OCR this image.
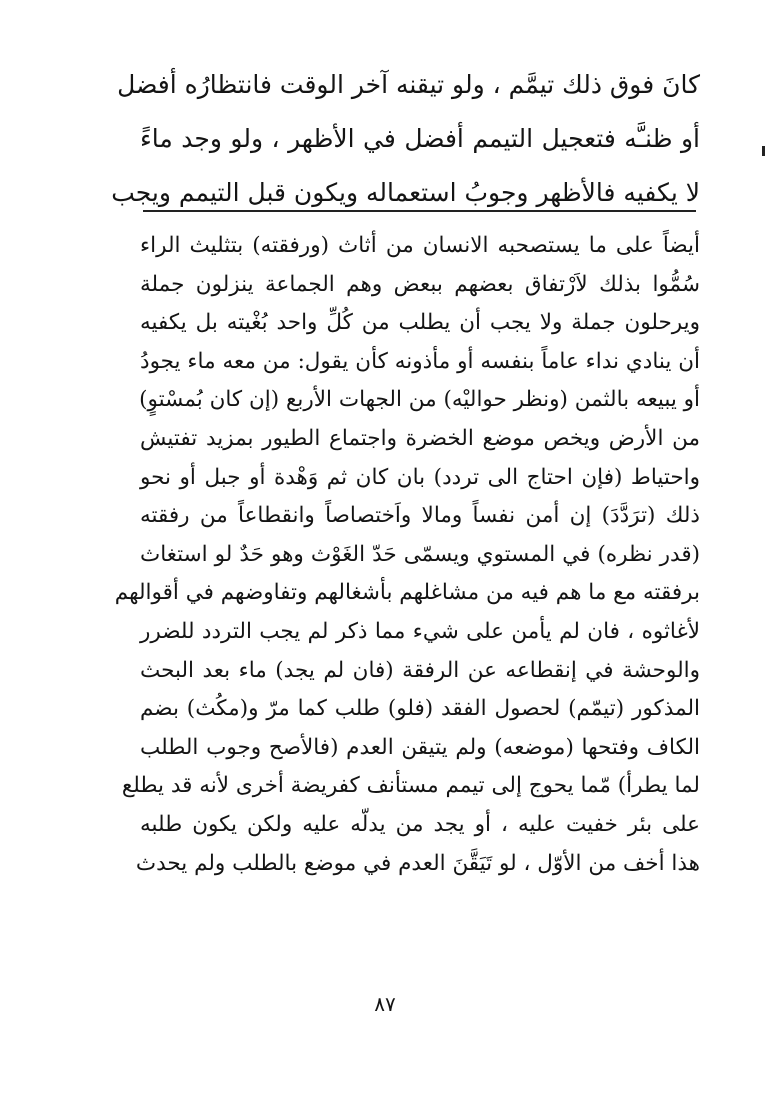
كانَ فوق ذلك تيمَّم ، ولو تيقنه آخر الوقت فانتظارُه أفضل
أو ظنـَّه فتعجيل التيمم أفضل في الأظهر ، ولو وجد ماءً
لا يكفيه فالأظهر وجوبُ استعماله ويكون قبل التيمم ويجب
أيضاً على ما يستصحبه الانسان من أثاث (ورفقته) بتثليث الراء
سُمُّوا بذلك لاَرْتفاق بعضهم ببعض وهم الجماعة ينزلون جملة
ويرحلون جملة ولا يجب أن يطلب من كُلِّ واحد بُغْيته بل يكفيه
أن ينادي نداء عاماً بنفسه أو مأذونه كأن يقول: من معه ماء يجودُ
أو يبيعه بالثمن (ونظر حواليْه) من الجهات الأربع (إن كان بُمسْتوٍ)
من الأرض ويخص موضع الخضرة واجتماع الطيور بمزيد تفتيش
واحتياط (فإن احتاج الى تردد) بان كان ثم وَهْدة أو جبل أو نحو
ذلك (ترَدَّدَ) إن أمن نفساً ومالا واَختصاصاً وانقطاعاً من رفقته
(قدر نظره) في المستوي ويسمّى حَدّ الغَوْث وهو حَدٌ لو استغاث
برفقته مع ما هم فيه من مشاغلهم بأشغالهم وتفاوضهم في أقوالهم
لأغاثوه ، فان لم يأمن على شيء مما ذكر لم يجب التردد للضرر
والوحشة في إنقطاعه عن الرفقة (فان لم يجد) ماء بعد البحث
المذكور (تيمّم) لحصول الفقد (فلو) طلب كما مرّ و(مكُث) بضم
الكاف وفتحها (موضعه) ولم يتيقن العدم (فالأصح وجوب الطلب
لما يطرأ) مّما يحوج إلى تيمم مستأنف كفريضة أخرى لأنه قد يطلع
على بئر خفيت عليه ، أو يجد من يدلّه عليه ولكن يكون طلبه
هذا أخف من الأوّل ، لو تَيَقَّنَ العدم في موضع بالطلب ولم يحدث
٨٧
